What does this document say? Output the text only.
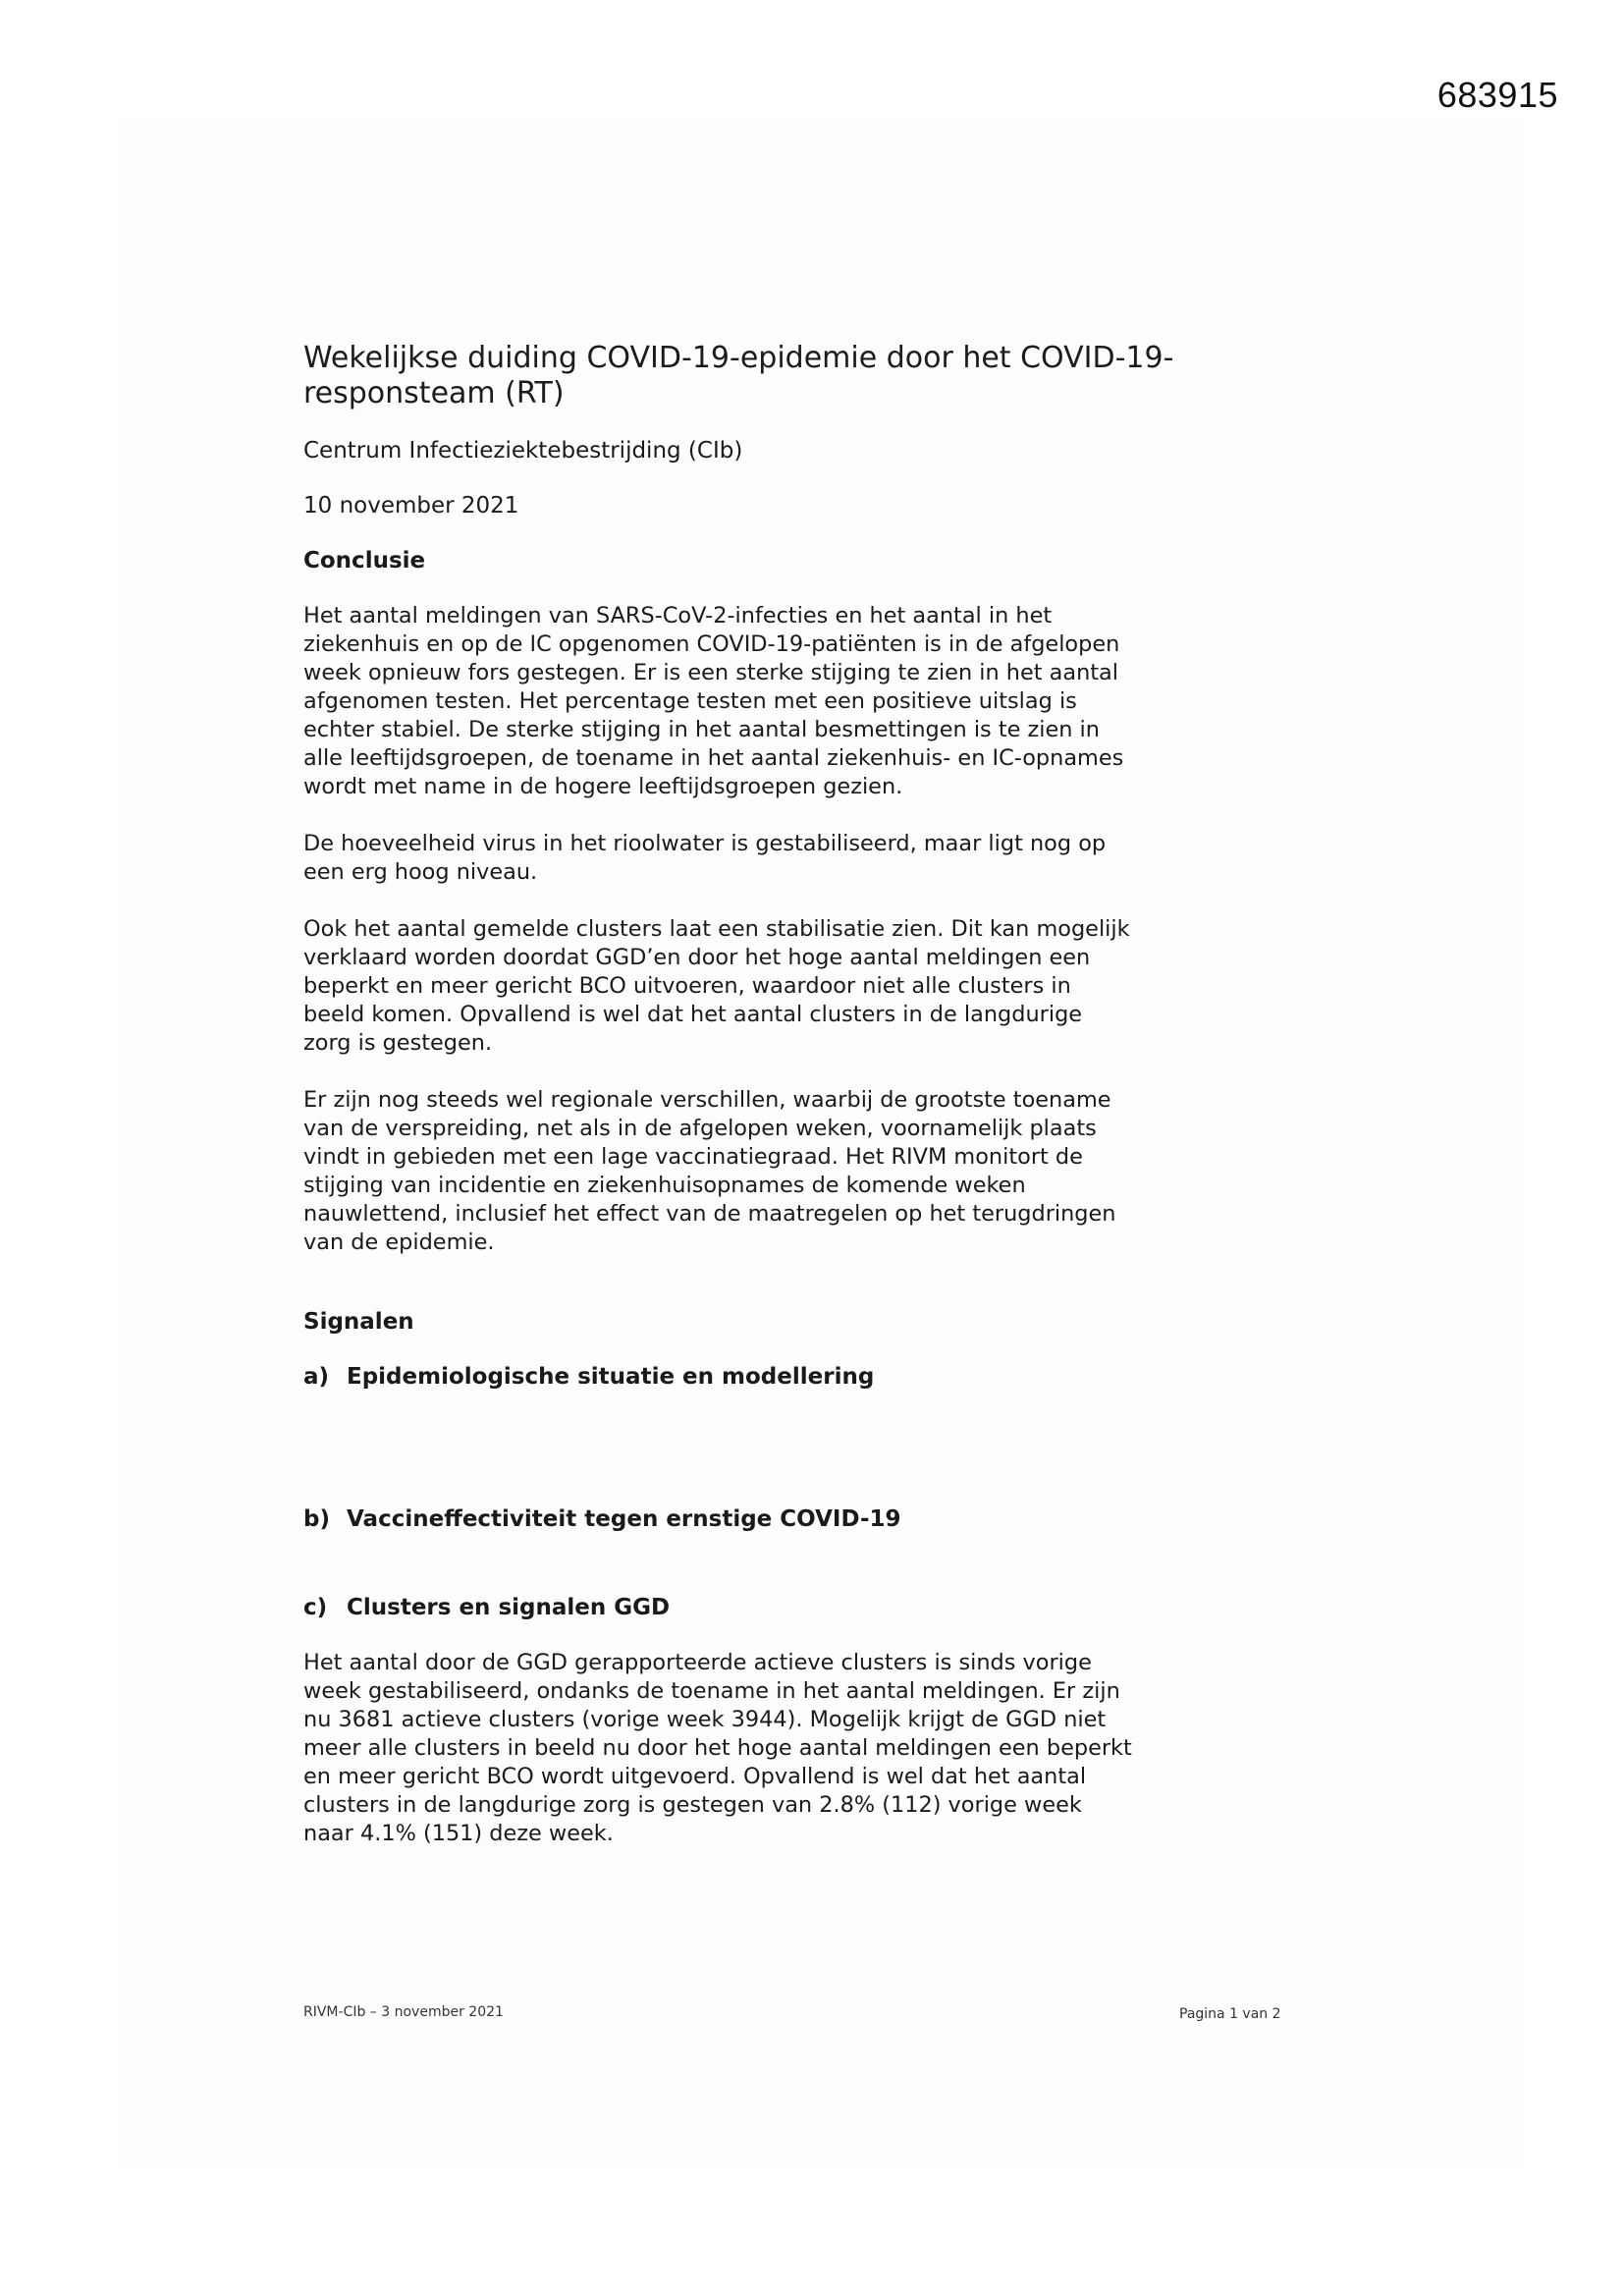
683915
Wekelijkse duiding COVID-19-epidemie door het COVID-19-
responsteam (RT)

Centrum Infectieziektebestrijding (CIb)

10 november 2021

Conclusie

Het aantal meldingen van SARS-CoV-2-infecties en het aantal in het
ziekenhuis en op de IC opgenomen COVID-19-patiënten is in de afgelopen
week opnieuw fors gestegen. Er is een sterke stijging te zien in het aantal
afgenomen testen. Het percentage testen met een positieve uitslag is
echter stabiel. De sterke stijging in het aantal besmettingen is te zien in
alle leeftijdsgroepen, de toename in het aantal ziekenhuis- en IC-opnames
wordt met name in de hogere leeftijdsgroepen gezien.

De hoeveelheid virus in het rioolwater is gestabiliseerd, maar ligt nog op
een erg hoog niveau.

Ook het aantal gemelde clusters laat een stabilisatie zien. Dit kan mogelijk
verklaard worden doordat GGD’en door het hoge aantal meldingen een
beperkt en meer gericht BCO uitvoeren, waardoor niet alle clusters in
beeld komen. Opvallend is wel dat het aantal clusters in de langdurige
zorg is gestegen.

Er zijn nog steeds wel regionale verschillen, waarbij de grootste toename
van de verspreiding, net als in de afgelopen weken, voornamelijk plaats
vindt in gebieden met een lage vaccinatiegraad. Het RIVM monitort de
stijging van incidentie en ziekenhuisopnames de komende weken
nauwlettend, inclusief het effect van de maatregelen op het terugdringen
van de epidemie.

Signalen

a) Epidemiologische situatie en modellering
b) Vaccineffectiviteit tegen ernstige COVID-19
c) Clusters en signalen GGD

Het aantal door de GGD gerapporteerde actieve clusters is sinds vorige
week gestabiliseerd, ondanks de toename in het aantal meldingen. Er zijn
nu 3681 actieve clusters (vorige week 3944). Mogelijk krijgt de GGD niet
meer alle clusters in beeld nu door het hoge aantal meldingen een beperkt
en meer gericht BCO wordt uitgevoerd. Opvallend is wel dat het aantal
clusters in de langdurige zorg is gestegen van 2.8% (112) vorige week
naar 4.1% (151) deze week.

RIVM-CIb – 3 november 2021	Pagina 1 van 2
